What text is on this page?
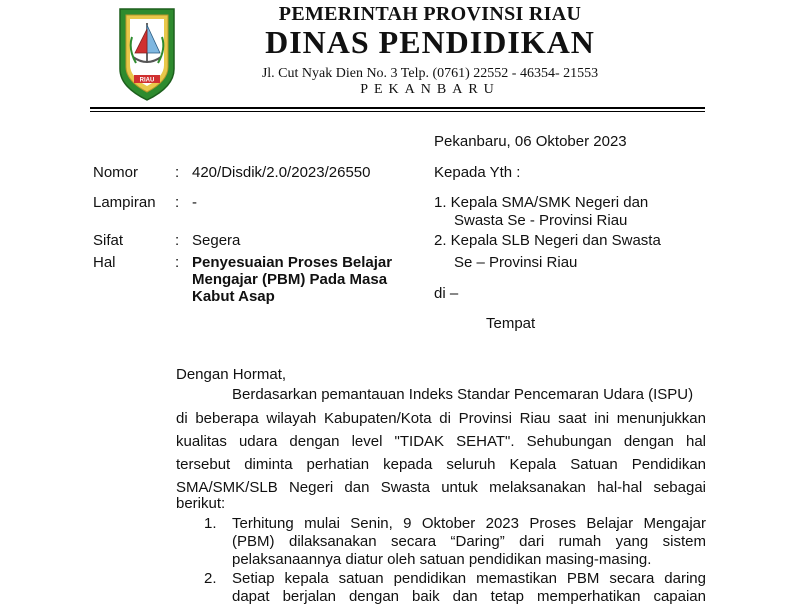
RIAU
PEMERINTAH PROVINSI RIAU
DINAS PENDIDIKAN
Jl. Cut Nyak Dien No. 3 Telp. (0761) 22552 - 46354- 21553
PEKANBARU
Pekanbaru, 06 Oktober 2023
Nomor : 420/Disdik/2.0/2023/26550
Lampiran : -
Sifat	: Segera
Hal	: Penyesuaian Proses Belajar
Mengajar (PBM) Pada Masa
Kabut Asap
Kepada Yth :
1. Kepala SMA/SMK Negeri dan
Swasta Se - Provinsi Riau
2. Kepala SLB Negeri dan Swasta
Se – Provinsi Riau
di –
Tempat
Dengan Hormat,
Berdasarkan pemantauan Indeks Standar Pencemaran Udara (ISPU)
di beberapa wilayah Kabupaten/Kota di Provinsi Riau saat ini menunjukkan
kualitas udara dengan level "TIDAK SEHAT". Sehubungan dengan hal
tersebut diminta perhatian kepada seluruh Kepala Satuan Pendidikan
SMA/SMK/SLB Negeri dan Swasta untuk melaksanakan hal-hal sebagai
berikut:
1. Terhitung mulai Senin, 9 Oktober 2023 Proses Belajar Mengajar
(PBM) dilaksanakan secara “Daring” dari rumah yang sistem
pelaksanaannya diatur oleh satuan pendidikan masing-masing.
2. Setiap kepala satuan pendidikan memastikan PBM secara daring
dapat berjalan dengan baik dan tetap memperhatikan capaian
